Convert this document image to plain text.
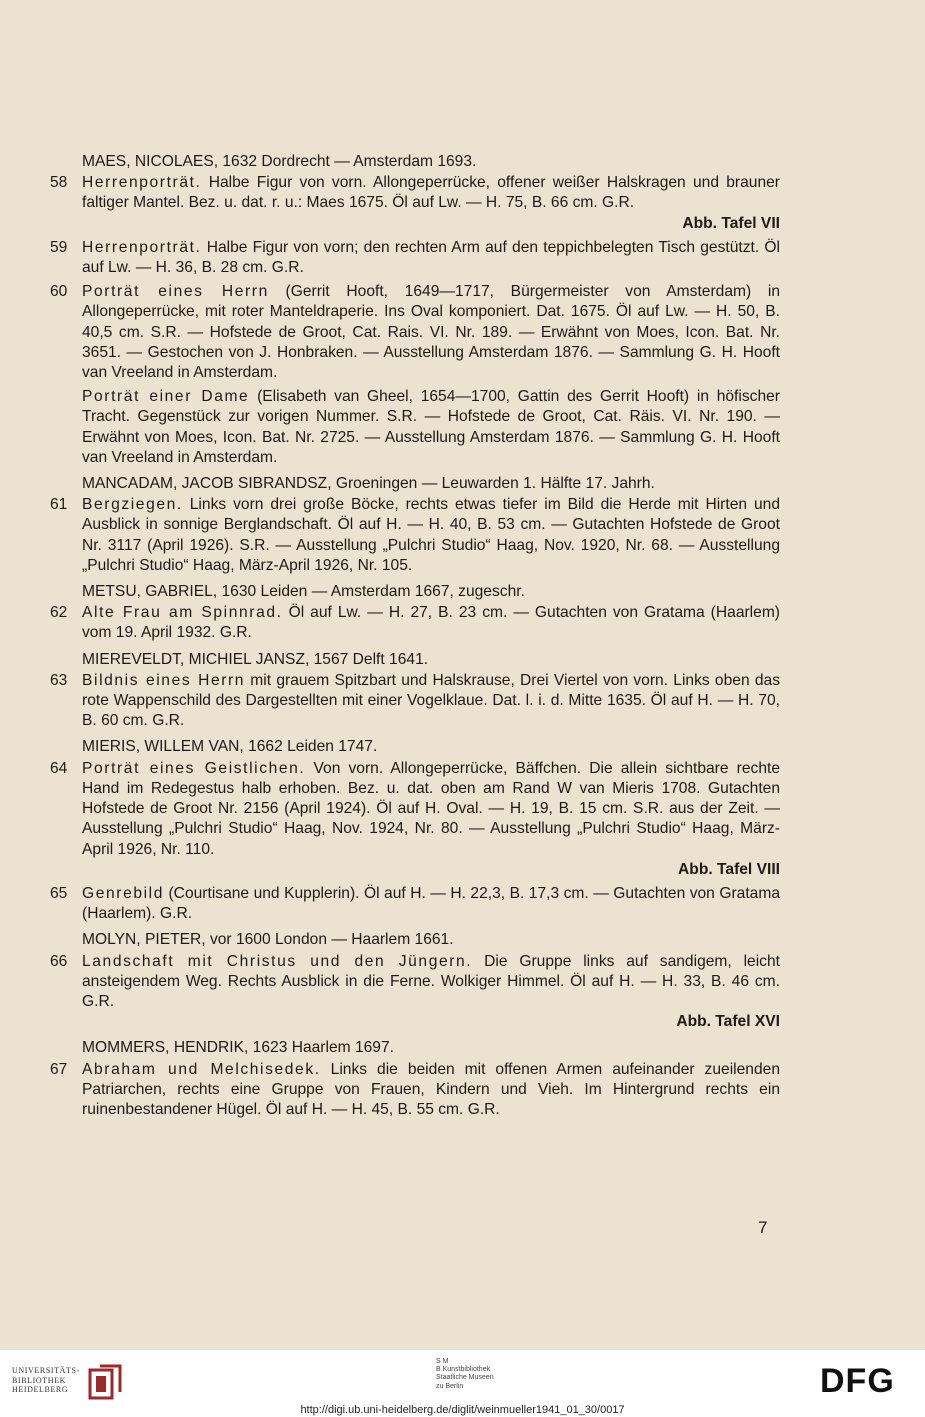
MAES, NICOLAES, 1632 Dordrecht — Amsterdam 1693.

58 Herrenporträt. Halbe Figur von vorn. Allongeperrücke, offener weißer Halskragen und brauner faltiger Mantel. Bez. u. dat. r. u.: Maes 1675. Öl auf Lw. — H. 75, B. 66 cm. G.R.
Abb. Tafel VII

59 Herrenporträt. Halbe Figur von vorn; den rechten Arm auf den teppichbelegten Tisch gestützt. Öl auf Lw. — H. 36, B. 28 cm. G.R.

60 Porträt eines Herrn (Gerrit Hooft, 1649—1717, Bürgermeister von Amsterdam) in Allongeperrücke, mit roter Manteldraperie. Ins Oval komponiert. Dat. 1675. Öl auf Lw. — H. 50, B. 40,5 cm. S.R. — Hofstede de Groot, Cat. Rais. VI. Nr. 189. — Erwähnt von Moes, Icon. Bat. Nr. 3651. — Gestochen von J. Honbraken. — Ausstellung Amsterdam 1876. — Sammlung G. H. Hooft van Vreeland in Amsterdam.

Porträt einer Dame (Elisabeth van Gheel, 1654—1700, Gattin des Gerrit Hooft) in höfischer Tracht. Gegenstück zur vorigen Nummer. S.R. — Hofstede de Groot, Cat. Räis. VI. Nr. 190. — Erwähnt von Moes, Icon. Bat. Nr. 2725. — Ausstellung Amsterdam 1876. — Sammlung G. H. Hooft van Vreeland in Amsterdam.

MANCADAM, JACOB SIBRANDSZ, Groeningen — Leuwarden 1. Hälfte 17. Jahrh.

61 Bergziegen. Links vorn drei große Böcke, rechts etwas tiefer im Bild die Herde mit Hirten und Ausblick in sonnige Berglandschaft. Öl auf H. — H. 40, B. 53 cm. — Gutachten Hofstede de Groot Nr. 3117 (April 1926). S.R. — Ausstellung „Pulchri Studio“ Haag, Nov. 1920, Nr. 68. — Ausstellung „Pulchri Studio“ Haag, März-April 1926, Nr. 105.

METSU, GABRIEL, 1630 Leiden — Amsterdam 1667, zugeschr.

62 Alte Frau am Spinnrad. Öl auf Lw. — H. 27, B. 23 cm. — Gutachten von Gratama (Haarlem) vom 19. April 1932. G.R.

MIEREVELDT, MICHIEL JANSZ, 1567 Delft 1641.

63 Bildnis eines Herrn mit grauem Spitzbart und Halskrause, Drei Viertel von vorn. Links oben das rote Wappenschild des Dargestellten mit einer Vogelklaue. Dat. l. i. d. Mitte 1635. Öl auf H. — H. 70, B. 60 cm. G.R.

MIERIS, WILLEM VAN, 1662 Leiden 1747.

64 Porträt eines Geistlichen. Von vorn. Allongeperrücke, Bäffchen. Die allein sichtbare rechte Hand im Redegestus halb erhoben. Bez. u. dat. oben am Rand W van Mieris 1708. Gutachten Hofstede de Groot Nr. 2156 (April 1924). Öl auf H. Oval. — H. 19, B. 15 cm. S.R. aus der Zeit. — Ausstellung „Pulchri Studio“ Haag, Nov. 1924, Nr. 80. — Ausstellung „Pulchri Studio“ Haag, März-April 1926, Nr. 110.
Abb. Tafel VIII

65 Genrebild (Courtisane und Kupplerin). Öl auf H. — H. 22,3, B. 17,3 cm. — Gutachten von Gratama (Haarlem). G.R.

MOLYN, PIETER, vor 1600 London — Haarlem 1661.

66 Landschaft mit Christus und den Jüngern. Die Gruppe links auf sandigem, leicht ansteigendem Weg. Rechts Ausblick in die Ferne. Wolkiger Himmel. Öl auf H. — H. 33, B. 46 cm. G.R.
Abb. Tafel XVI

MOMMERS, HENDRIK, 1623 Haarlem 1697.

67 Abraham und Melchisedek. Links die beiden mit offenen Armen aufeinander zueilenden Patriarchen, rechts eine Gruppe von Frauen, Kindern und Vieh. Im Hintergrund rechts ein ruinenbestandener Hügel. Öl auf H. — H. 45, B. 55 cm. G.R.

7
UNIVERSITÄTS-
BIBLIOTHEK
HEIDELBERG
S M
B Kunstbibliothek
Staatliche Museen
zu Berlin	DFG
http://digi.ub.uni-heidelberg.de/diglit/weinmueller1941_01_30/0017
